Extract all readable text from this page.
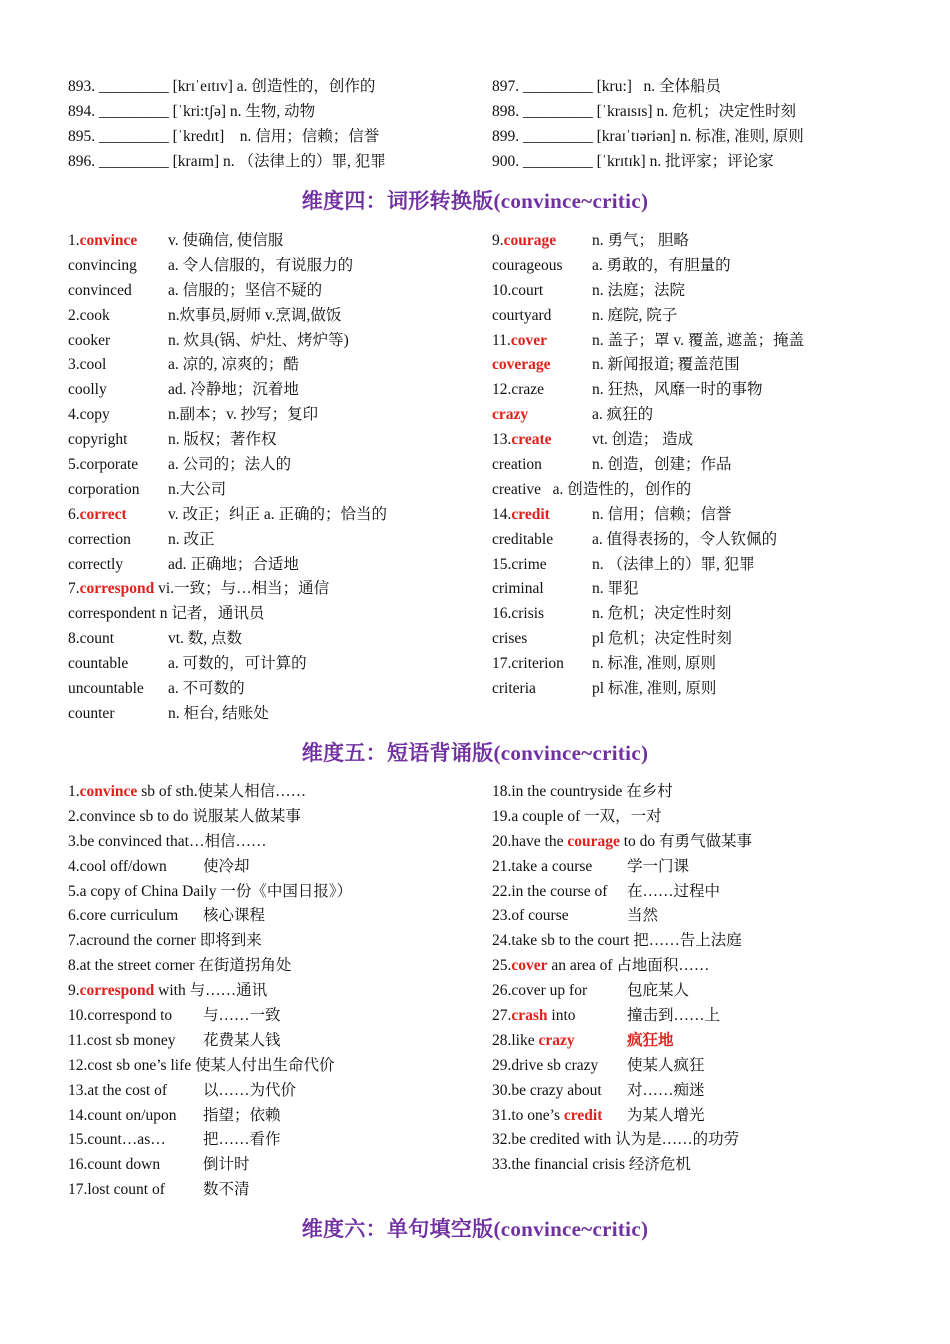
893. _________ [krɪˈeɪtɪv] a. 创造性的，创作的
894. _________ [ˈkri:tʃə] n. 生物, 动物
895. _________ [ˈkredɪt] n. 信用；信赖；信誉
896. _________ [kraɪm] n. （法律上的）罪, 犯罪
897. _________ [kru:] n. 全体船员
898. _________ [ˈkraɪsɪs] n. 危机；决定性时刻
899. _________ [kraɪˈtɪəriən] n. 标准, 准则, 原则
900. _________ [ˈkrɪtɪk] n. 批评家；评论家
维度四：词形转换版(convince~critic)
1.convince v. 使确信, 使信服
convincing a. 令人信服的，有说服力的
convinced a. 信服的；坚信不疑的
2.cook	n.炊事员,厨师 v.烹调,做饭
cooker	n. 炊具(锅、炉灶、烤炉等)
3.cool	a. 凉的, 凉爽的；酷
coolly	ad. 冷静地；沉着地
4.copy	n.副本；v. 抄写；复印
copyright	n. 版权；著作权
5.corporate a. 公司的；法人的
corporation n.大公司
6.correct	v. 改正；纠正 a. 正确的；恰当的
correction n. 改正
correctly	ad. 正确地；合适地
7.correspond vi.一致；与…相当；通信
correspondent n 记者，通讯员
8.count	vt. 数, 点数
countable	a. 可数的，可计算的
uncountable a. 不可数的
counter	n. 柜台, 结账处
9.courage n. 勇气； 胆略
courageous a. 勇敢的，有胆量的
10.court	n. 法庭；法院
courtyard	n. 庭院, 院子
11.cover	n. 盖子；罩 v. 覆盖, 遮盖；掩盖
coverage	n. 新闻报道; 覆盖范围
12.craze	n. 狂热，风靡一时的事物
crazy	a. 疯狂的
13.create	vt. 创造； 造成
creation	n. 创造，创建；作品
creative a. 创造性的，创作的
14.credit	n. 信用；信赖；信誉
creditable	a. 值得表扬的，令人钦佩的
15.crime	n. （法律上的）罪, 犯罪
criminal	n. 罪犯
16.crisis	n. 危机；决定性时刻
crises	pl 危机；决定性时刻
17.criterion n. 标准, 准则, 原则
criteria	pl 标准, 准则, 原则
维度五：短语背诵版(convince~critic)
1.convince sb of sth.使某人相信……
2.convince sb to do 说服某人做某事
3.be convinced that…相信……
4.cool off/down 使冷却
5.a copy of China Daily 一份《中国日报》）
6.core curriculum 核心课程
7.acround the corner 即将到来
8.at the street corner 在街道拐角处
9.correspond with 与……通讯
10.correspond to 与……一致
11.cost sb money 花费某人钱
12.cost sb one’s life 使某人付出生命代价
13.at the cost of 以……为代价
14.count on/upon 指望；依赖
15.count…as… 把……看作
16.count down	倒计时
17.lost count of 数不清
18.in the countryside 在乡村
19.a couple of 一双，一对
20.have the courage to do 有勇气做某事
21.take a course 学一门课
22.in the course of 在……过程中
23.of course	当然
24.take sb to the court 把……告上法庭
25.cover an area of 占地面积……
26.cover up for	包庇某人
27.crash into	撞击到……上
28.like crazy	疯狂地
29.drive sb crazy 使某人疯狂
30.be crazy about 对……痴迷
31.to one’s credit 为某人增光
32.be credited with 认为是……的功劳
33.the financial crisis 经济危机
维度六：单句填空版(convince~critic)
